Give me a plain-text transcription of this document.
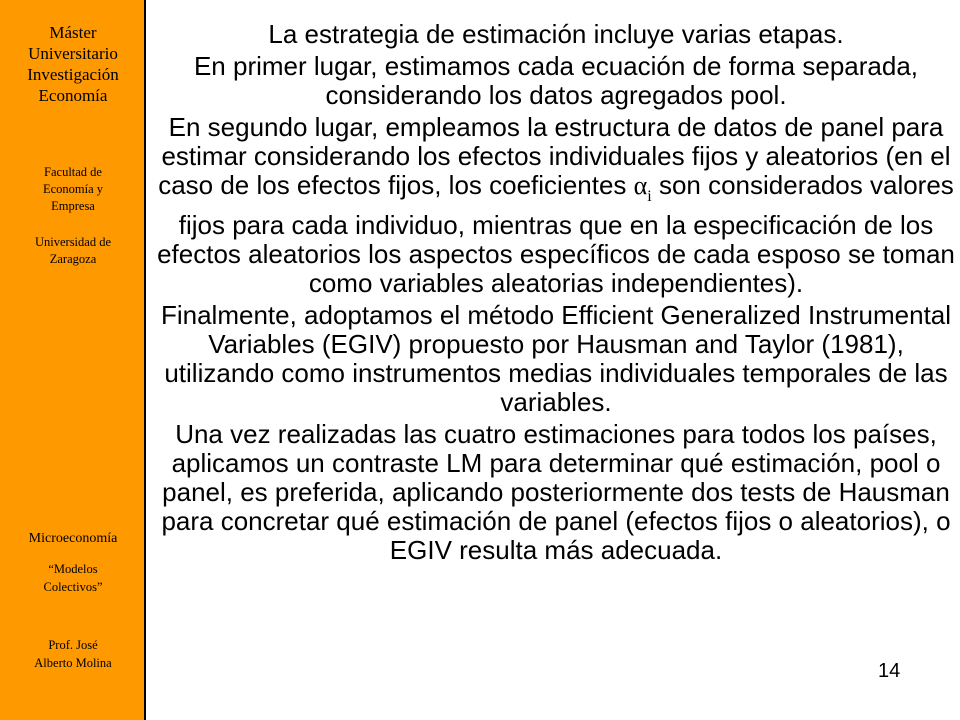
Máster
Universitario
Investigación
Economía
Facultad de
Economía y
Empresa
Universidad de
Zaragoza
Microeconomía
“Modelos
Colectivos”
Prof. José
Alberto Molina

La estrategia de estimación incluye varias etapas.

En primer lugar, estimamos cada ecuación de forma separada, considerando los datos agregados pool.

En segundo lugar, empleamos la estructura de datos de panel para estimar considerando los efectos individuales fijos y aleatorios (en el caso de los efectos fijos, los coeficientes $\alpha_i$ son considerados valores fijos para cada individuo, mientras que en la especificación de los efectos aleatorios los aspectos específicos de cada esposo se toman como variables aleatorias independientes).

Finalmente, adoptamos el método Efficient Generalized Instrumental Variables (EGIV) propuesto por Hausman and Taylor (1981), utilizando como instrumentos medias individuales temporales de las variables.

Una vez realizadas las cuatro estimaciones para todos los países, aplicamos un contraste LM para determinar qué estimación, pool o panel, es preferida, aplicando posteriormente dos tests de Hausman para concretar qué estimación de panel (efectos fijos o aleatorios), o EGIV resulta más adecuada.

14
